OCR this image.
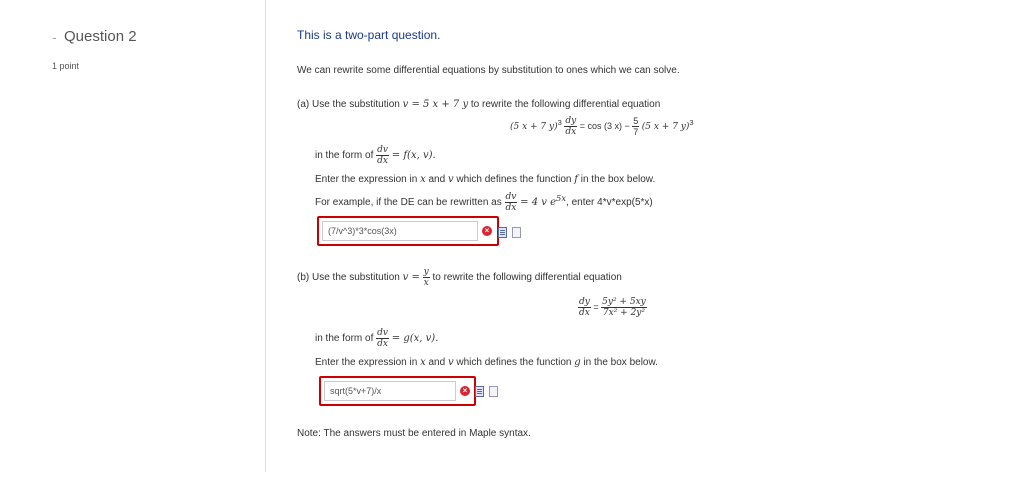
- Question 2
1 point
This is a two-part question.
We can rewrite some differential equations by substitution to ones which we can solve.
(a) Use the substitution v = 5 x + 7 y to rewrite the following differential equation
(5 x + 7 $y)^3 \frac{dy}{dx} = \cos (3$ $x) - \frac{5}{7} (5$ x + 7 y)$^3$
in the form of $\frac{dv}{dx} = f(x$, v).
Enter the expression in x and v which defines the function f in the box below.
For example, if the DE can be rewritten as $\frac{dv}{dx} = 4$ v $e^{5x}$, enter 4*v*exp(5*x)
(7/v^3)*3*cos(3x)
×
(b) Use the substitution $v = \frac{y}{x}$ to rewrite the following differential equation
$\frac{dy}{dx} = \frac{\text{5y² + 5xy}}{\text{7x² + 2y²}}$
in the form of $\frac{dv}{dx} = g(x$, v).
Enter the expression in x and v which defines the function g in the box below.
sqrt(5*v+7)/x
×
Note: The answers must be entered in Maple syntax.
